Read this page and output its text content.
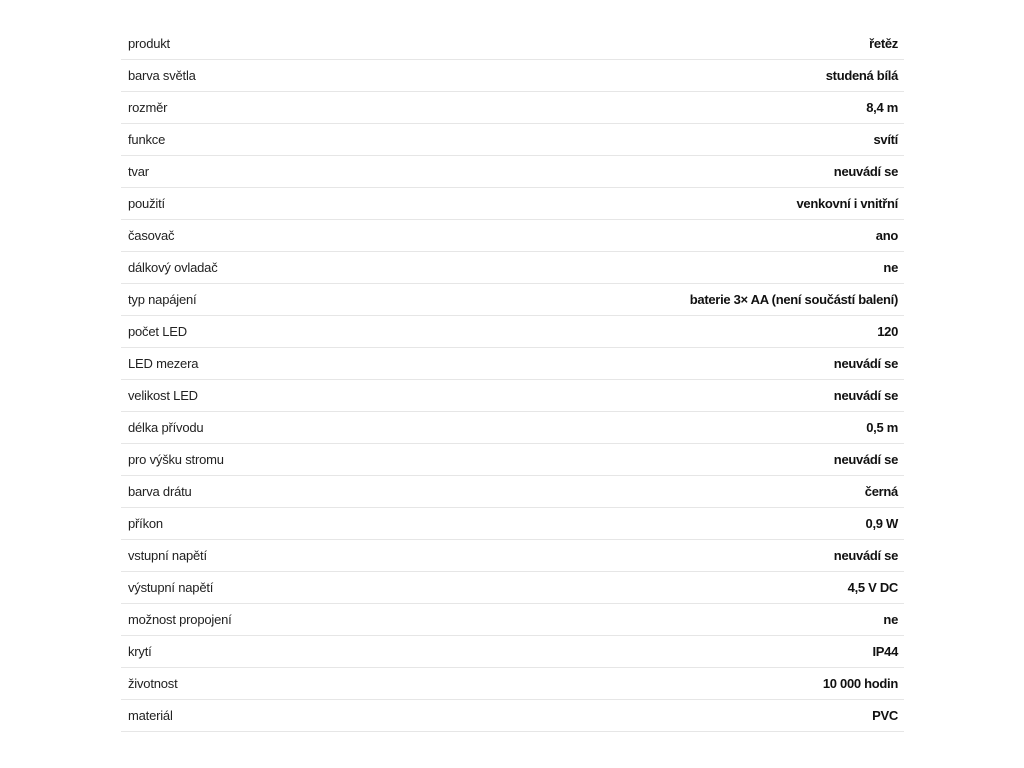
produkt	řetěz
barva světla	studená bílá
rozměr	8,4 m
funkce	svítí
tvar	neuvádí se
použití	venkovní i vnitřní
časovač	ano
dálkový ovladač	ne
typ napájení	baterie 3× AA (není součástí balení)
počet LED	120
LED mezera	neuvádí se
velikost LED	neuvádí se
délka přívodu	0,5 m
pro výšku stromu	neuvádí se
barva drátu	černá
příkon	0,9 W
vstupní napětí	neuvádí se
výstupní napětí	4,5 V DC
možnost propojení	ne
krytí	IP44
životnost	10 000 hodin
materiál	PVC
